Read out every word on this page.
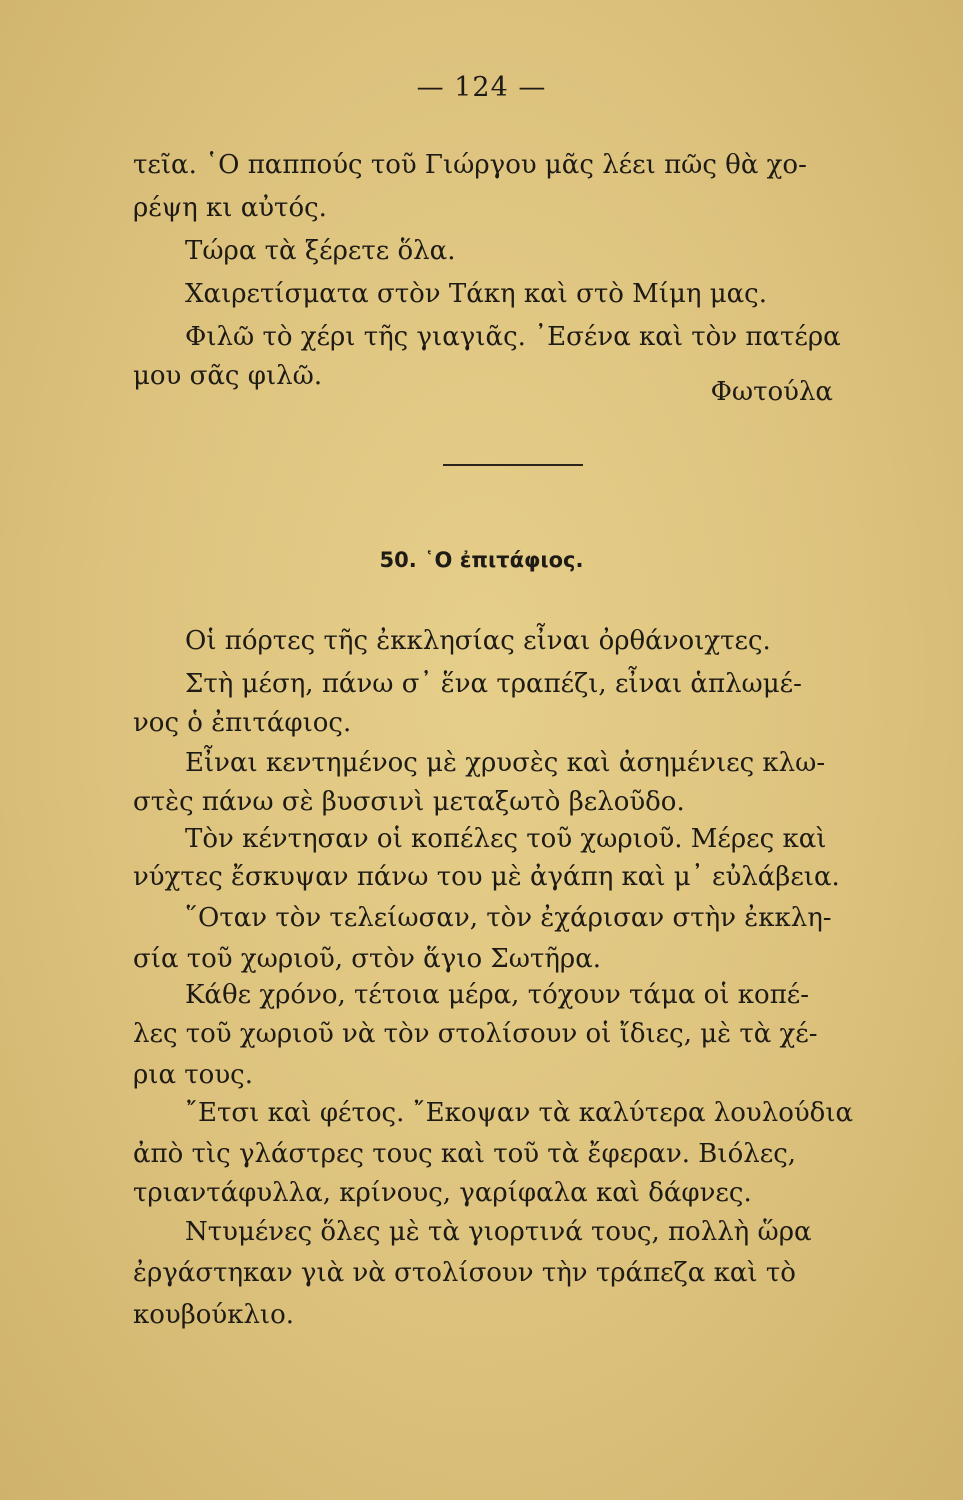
— 124 —
τεῖα. ῾Ο παππούς τοῦ Γιώργου μᾶς λέει πῶς θὰ χο-
ρέψη κι αὐτός.
Τώρα τὰ ξέρετε ὅλα.
Χαιρετίσματα στὸν Τάκη καὶ στὸ Μίμη μας.
Φιλῶ τὸ χέρι τῆς γιαγιᾶς. ᾽Εσένα καὶ τὸν πατέρα
μου σᾶς φιλῶ.
Φωτούλα
50. ῾Ο ἐπιτάφιος.
Οἱ πόρτες τῆς ἐκκλησίας εἶναι ὀρθάνοιχτες.
Στὴ μέση, πάνω σ᾽ ἕνα τραπέζι, εἶναι ἁπλωμέ-
νος ὁ ἐπιτάφιος.
Εἶναι κεντημένος μὲ χρυσὲς καὶ ἀσημένιες κλω-
στὲς πάνω σὲ βυσσινὶ μεταξωτὸ βελοῦδο.
Τὸν κέντησαν οἱ κοπέλες τοῦ χωριοῦ. Μέρες καὶ
νύχτες ἔσκυψαν πάνω του μὲ ἀγάπη καὶ μ᾽ εὐλάβεια.
῞Οταν τὸν τελείωσαν, τὸν ἐχάρισαν στὴν ἐκκλη-
σία τοῦ χωριοῦ, στὸν ἅγιο Σωτῆρα.
Κάθε χρόνο, τέτοια μέρα, τόχουν τάμα οἱ κοπέ-
λες τοῦ χωριοῦ νὰ τὸν στολίσουν οἱ ἴδιες, μὲ τὰ χέ-
ρια τους.
῎Ετσι καὶ φέτος. ῎Εκοψαν τὰ καλύτερα λουλούδια
ἀπὸ τὶς γλάστρες τους καὶ τοῦ τὰ ἔφεραν. Βιόλες,
τριαντάφυλλα, κρίνους, γαρίφαλα καὶ δάφνες.
Ντυμένες ὅλες μὲ τὰ γιορτινά τους, πολλὴ ὥρα
ἐργάστηκαν γιὰ νὰ στολίσουν τὴν τράπεζα καὶ τὸ
κουβούκλιο.
